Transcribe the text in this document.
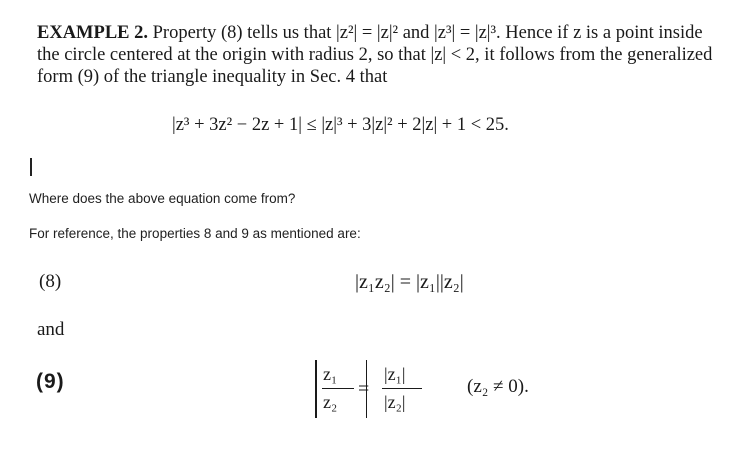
EXAMPLE 2. Property (8) tells us that |z²| = |z|² and |z³| = |z|³. Hence if z is a point inside the circle centered at the origin with radius 2, so that |z| < 2, it follows from the generalized form (9) of the triangle inequality in Sec. 4 that
|z³ + 3z² − 2z + 1| ≤ |z|³ + 3|z|² + 2|z| + 1 < 25.
Where does the above equation come from?
For reference, the properties 8 and 9 as mentioned are:
(8)	|z₁z₂| = |z₁||z₂|
and
(9)	z₁
z₂
=
|z₁|
|z₂|
(z₂ ≠ 0).
